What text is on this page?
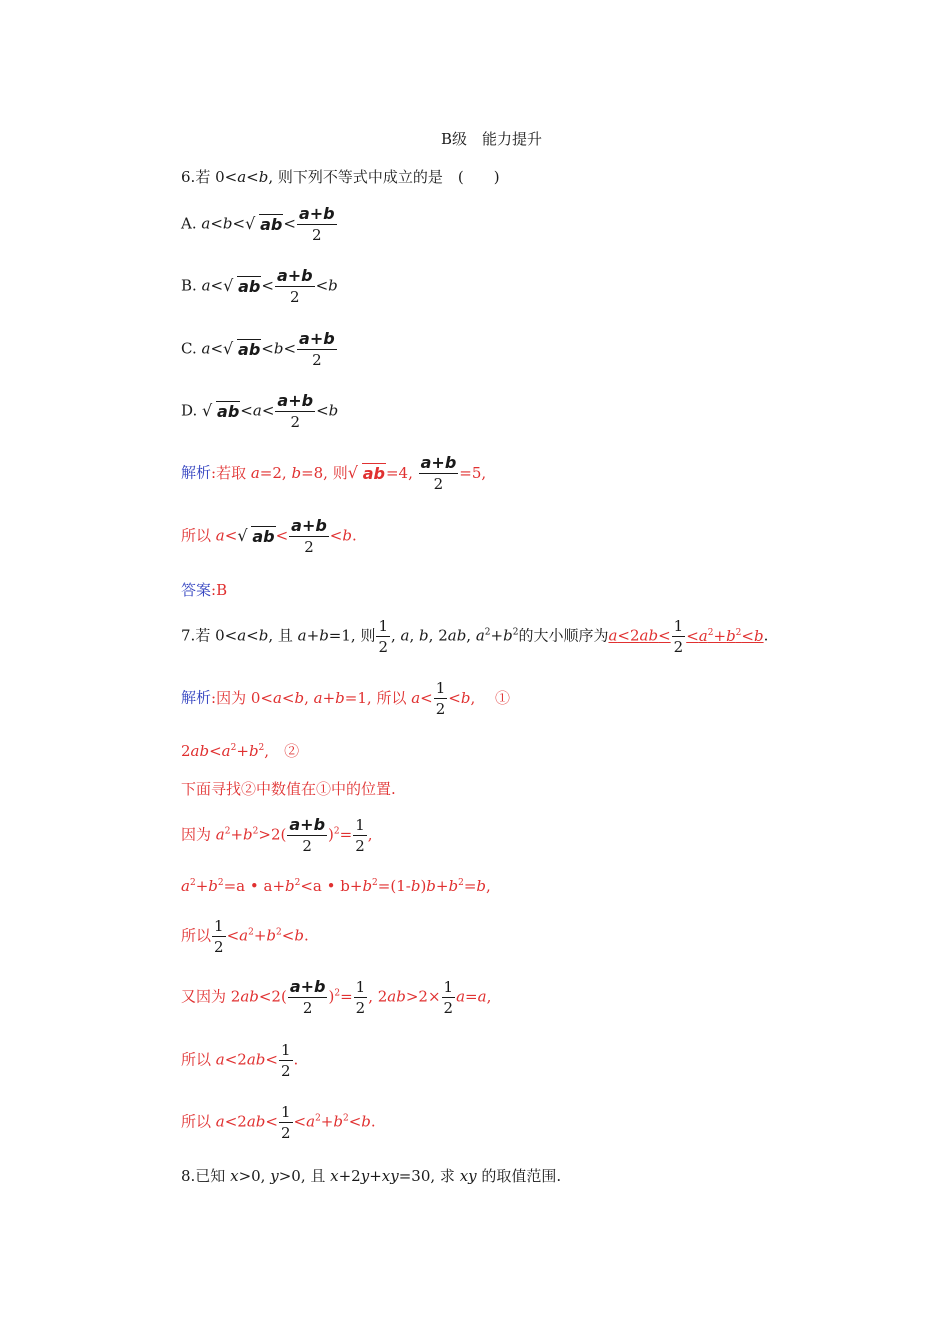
B级　能力提升
6.若 0<a<b, 则下列不等式中成立的是　(　　)
A. a<b< √ $ab< \frac{a+b}{2}$
B. a< √ $ab< \frac{a+b}{2} <b$
C. a< √ $ab<b< \frac{a+b}{2}$
D. √ $ab<a< \frac{a+b}{2} <b$
解析:若取 a=2, b=8, 则 √ ab=4, $\frac{a+b}{2} =5$,
所以 a< √ $ab< \frac{a+b}{2} <b$.
答案:B
7.若 0<a<b, 且 a+b=1, 则 $\frac{1}{2}$ , a, b, 2ab, $a^2+b^2$的大小顺序为$a<2ab< \frac{1}{2} <a^2+b^2<b$.
解析:因为 0<a<b, a+b=1, 所以 $a< \frac{1}{2} <b$,　 ①
$2ab<a^2+b^2$,　②
下面寻找②中数值在①中的位置.
因为 $a^2+b^2>2( \frac{a+b}{2} )^2= \frac{1}{2}$ ,
$a^2+b^2=a$ • $a+b^2<a$ • $b+b^2=(1-b)b+b^2=b$,
所以 $\frac{1}{2} <a^2+b^2<b$.
又因为 $2ab<2( \frac{a+b}{2} )^2= \frac{1}{2}$ , $2ab>2\times \frac{1}{2} a=a$,
所以 $a<2ab< \frac{1}{2}$ .
所以 $a<2ab< \frac{1}{2} <a^2+b^2<b$.
8.已知 x>0, y>0, 且 x+2y+xy=30, 求 xy 的取值范围.
